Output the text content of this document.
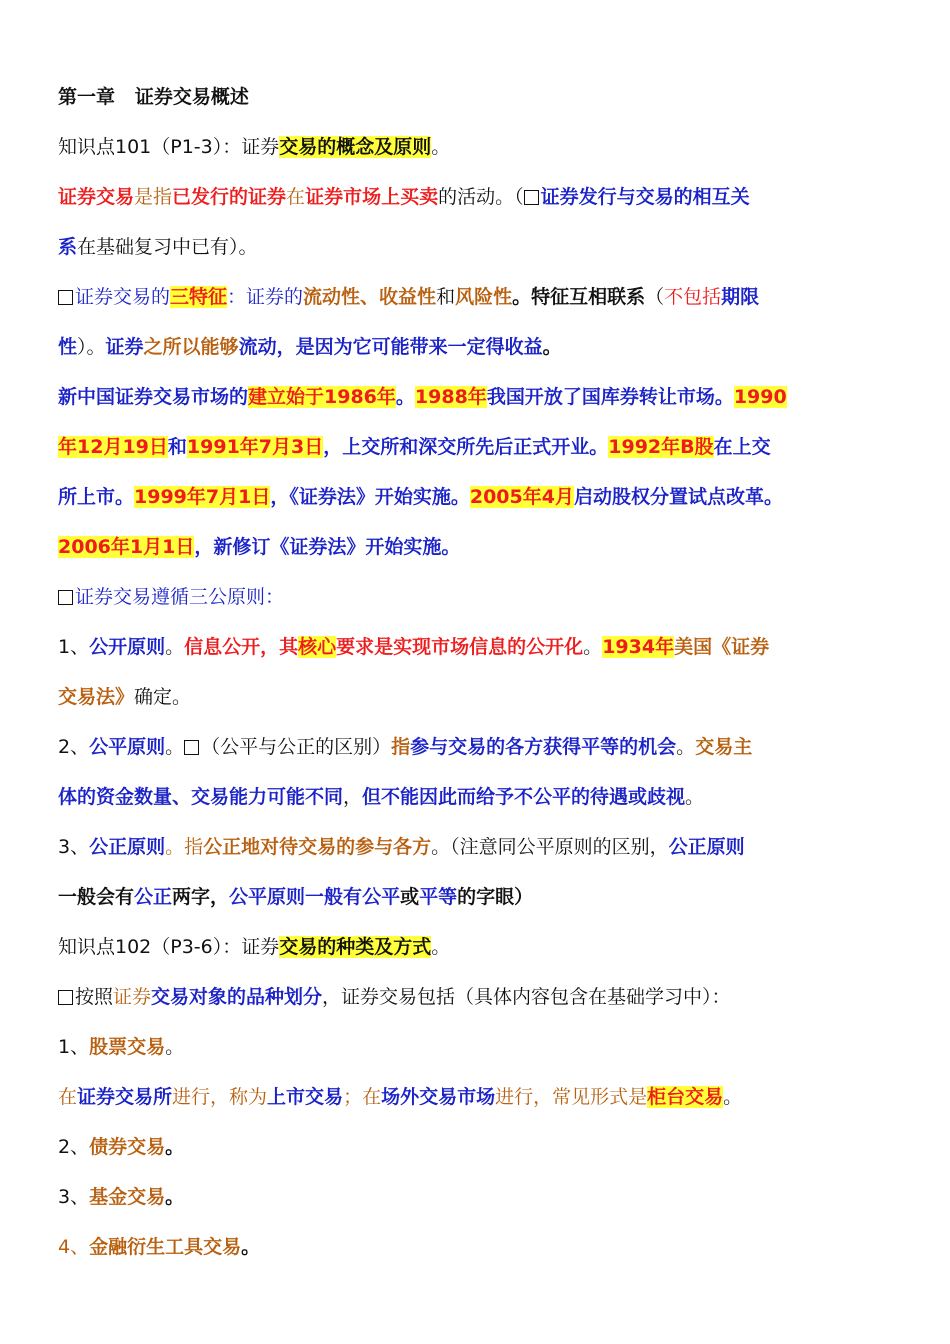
第一章   证券交易概述
知识点101（P1-3）：证券交易的概念及原则。
证券交易是指已发行的证券在证券市场上买卖的活动。（ 证券发行与交易的相互关
系在基础复习中已有）。
证券交易的三特征：证券的流动性、收益性和风险性。特征互相联系（不包括期限
性）。证券之所以能够流动，是因为它可能带来一定得收益。
新中国证券交易市场的建立始于1986年。1988年我国开放了国库券转让市场。1990
年12月19日和1991年7月3日，上交所和深交所先后正式开业。1992年B股在上交
所上市。1999年7月1日，《证券法》开始实施。2005年4月启动股权分置试点改革。
2006年1月1日，新修订《证券法》开始实施。
证券交易遵循三公原则：
1、公开原则。信息公开，其核心要求是实现市场信息的公开化。1934年美国《证券
交易法》确定。
2、公平原则。 （公平与公正的区别）指参与交易的各方获得平等的机会。交易主
体的资金数量、交易能力可能不同，但不能因此而给予不公平的待遇或歧视。
3、公正原则。指公正地对待交易的参与各方。（注意同公平原则的区别，公正原则
一般会有公正两字，公平原则一般有公平或平等的字眼）
知识点102（P3-6）：证券交易的种类及方式。
按照证券交易对象的品种划分，证券交易包括（具体内容包含在基础学习中）：
1、股票交易。
在证券交易所进行，称为上市交易；在场外交易市场进行，常见形式是柜台交易。
2、债券交易。
3、基金交易。
4、金融衍生工具交易。
